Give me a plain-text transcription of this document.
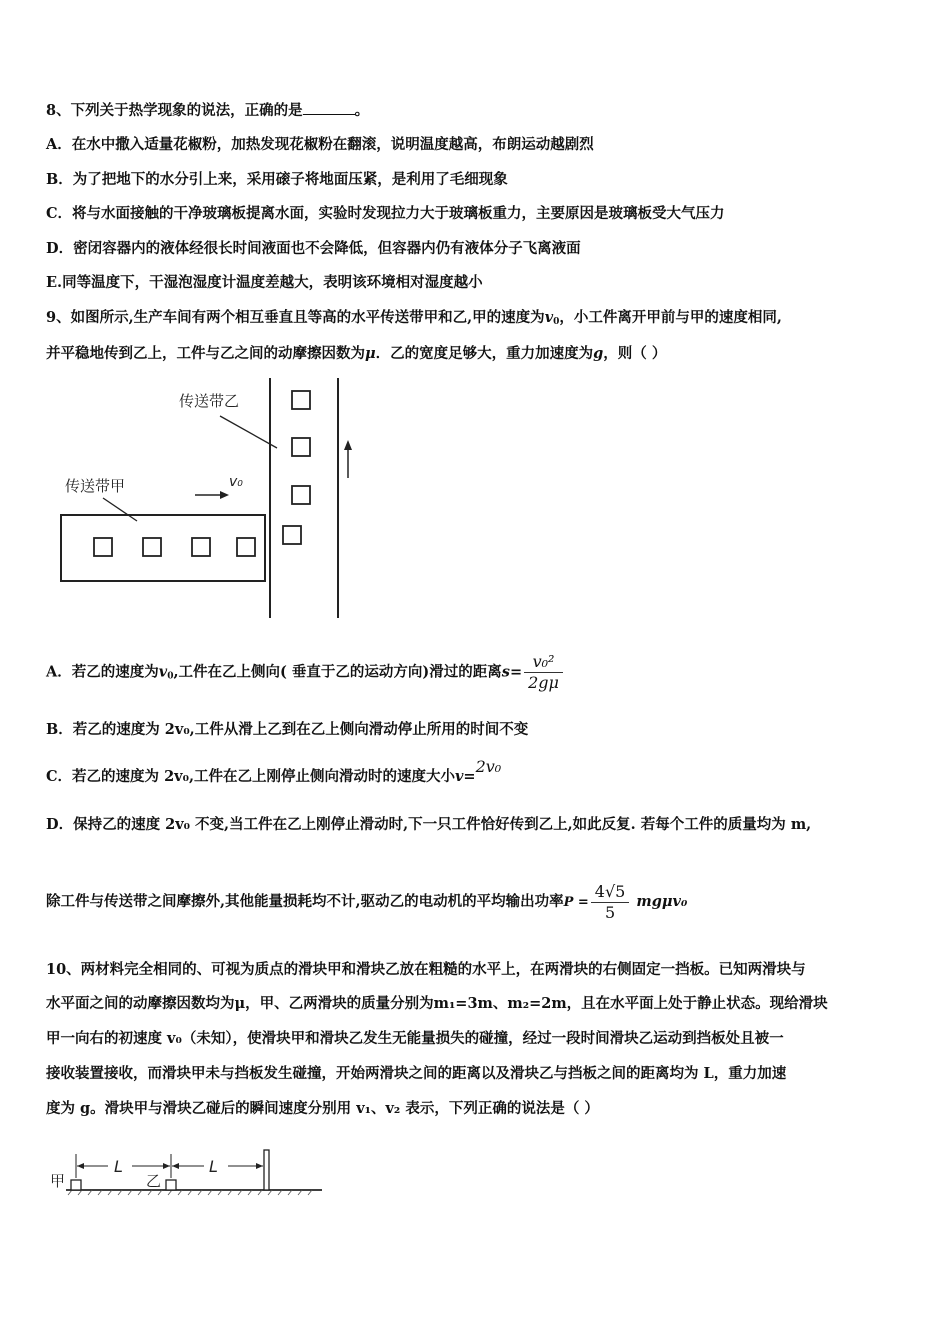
8、下列关于热学现象的说法，正确的是	。
A．在水中撒入适量花椒粉，加热发现花椒粉在翻滚，说明温度越高，布朗运动越剧烈
B．为了把地下的水分引上来，采用磙子将地面压紧，是利用了毛细现象
C．将与水面接触的干净玻璃板提离水面，实验时发现拉力大于玻璃板重力，主要原因是玻璃板受大气压力
D．密闭容器内的液体经很长时间液面也不会降低，但容器内仍有液体分子飞离液面
E.同等温度下，干湿泡湿度计温度差越大，表明该环境相对湿度越小
9、如图所示,生产车间有两个相互垂直且等高的水平传送带甲和乙,甲的速度为$v_0$，小工件离开甲前与甲的速度相同,
并平稳地传到乙上，工件与乙之间的动摩擦因数为μ．乙的宽度足够大，重力加速度为g，则（ ）
传送带乙
传送带甲	v₀
A．若乙的速度为$v_0$,工件在乙上侧向( 垂直于乙的运动方向)滑过的距离$s= \frac{\text{v₀²}}{2g\mu}$
B．若乙的速度为 2v₀,工件从滑上乙到在乙上侧向滑动停止所用的时间不变
C．若乙的速度为 2v₀,工件在乙上刚停止侧向滑动时的速度大小v=2v₀
D．保持乙的速度 2v₀ 不变,当工件在乙上刚停止滑动时,下一只工件恰好传到乙上,如此反复. 若每个工件的质量均为 m,
除工件与传送带之间摩擦外,其他能量损耗均不计,驱动乙的电动机的平均输出功率$P = \frac{4√5}{5} mg\mu v_0$
10、两材料完全相同的、可视为质点的滑块甲和滑块乙放在粗糙的水平上，在两滑块的右侧固定一挡板。已知两滑块与
水平面之间的动摩擦因数均为μ，甲、乙两滑块的质量分别为m₁=3m、m₂=2m，且在水平面上处于静止状态。现给滑块
甲一向右的初速度 v₀（未知），使滑块甲和滑块乙发生无能量损失的碰撞，经过一段时间滑块乙运动到挡板处且被一
接收装置接收，而滑块甲未与挡板发生碰撞，开始两滑块之间的距离以及滑块乙与挡板之间的距离均为 L，重力加速
度为 g。滑块甲与滑块乙碰后的瞬间速度分别用 v₁、v₂ 表示，下列正确的说法是（ ）
甲	乙
L	L
